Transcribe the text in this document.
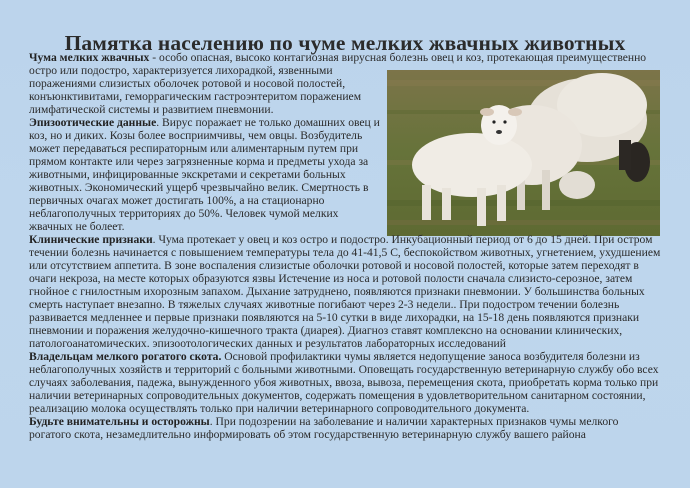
Памятка населению по чуме мелких жвачных животных
Чума мелких жвачных - особо опасная, высоко контагиозная вирусная болезнь овец и коз, протекающая преимущественно
остро или подостро, характеризуется лихорадкой, язвенными
поражениями слизистых оболочек ротовой и носовой полостей,
конъюнктивитами, геморрагическим гастроэнтеритом поражением
лимфатической системы и развитием пневмонии.
Эпизоотические данные. Вирус поражает не только домашних овец и
коз, но и диких. Козы более восприимчивы, чем овцы. Возбудитель
может передаваться респираторным или алиментарным путем при
прямом контакте или через загрязненные корма и предметы ухода за
животными, инфицированные экскретами и секретами больных
животных. Экономический ущерб чрезвычайно велик. Смертность в
первичных очагах может достигать 100%, а на стационарно
неблагополучных территориях до 50%. Человек чумой мелких
жвачных не болеет.
Клинические признаки. Чума протекает у овец и коз остро и подостро. Инкубационный период от 6 до 15 дней. При остром
течении болезнь начинается с повышением температуры тела до 41-41,5 С, беспокойством животных, угнетением, ухудшением
или отсутствием аппетита. В зоне воспаления слизистые оболочки ротовой и носовой полостей, которые затем переходят в
очаги некроза, на месте которых образуются язвы Истечение из носа и ротовой полости сначала слизисто-серозное, затем
гнойное с гнилостным ихорозным запахом. Дыхание затруднено, появляются признаки пневмонии. У большинства больных
смерть наступает внезапно. В тяжелых случаях животные погибают через 2-3 недели.. При подостром течении болезнь
развивается медленнее и первые признаки появляются на 5-10 сутки в виде лихорадки, на 15-18 день появляются признаки
пневмонии и поражения желудочно-кишечного тракта (диарея). Диагноз ставят комплексно на основании клинических,
патологоанатомических. эпизоотологических данных и результатов лабораторных исследований
Владельцам мелкого рогатого скота. Основой профилактики чумы является недопущение заноса возбудителя болезни из
неблагополучных хозяйств и территорий с больными животными. Оповещать государственную ветеринарную службу обо всех
случаях заболевания, падежа, вынужденного убоя животных, ввоза, вывоза, перемещения скота, приобретать корма только при
наличии ветеринарных сопроводительных документов, содержать помещения в удовлетворительном санитарном состоянии,
реализацию молока осуществлять только при наличии ветеринарного сопроводительного документа.
Будьте внимательны и осторожны. При подозрении на заболевание и наличии характерных признаков чумы мелкого
рогатого скота, незамедлительно информировать об этом государственную ветеринарную службу вашего района
